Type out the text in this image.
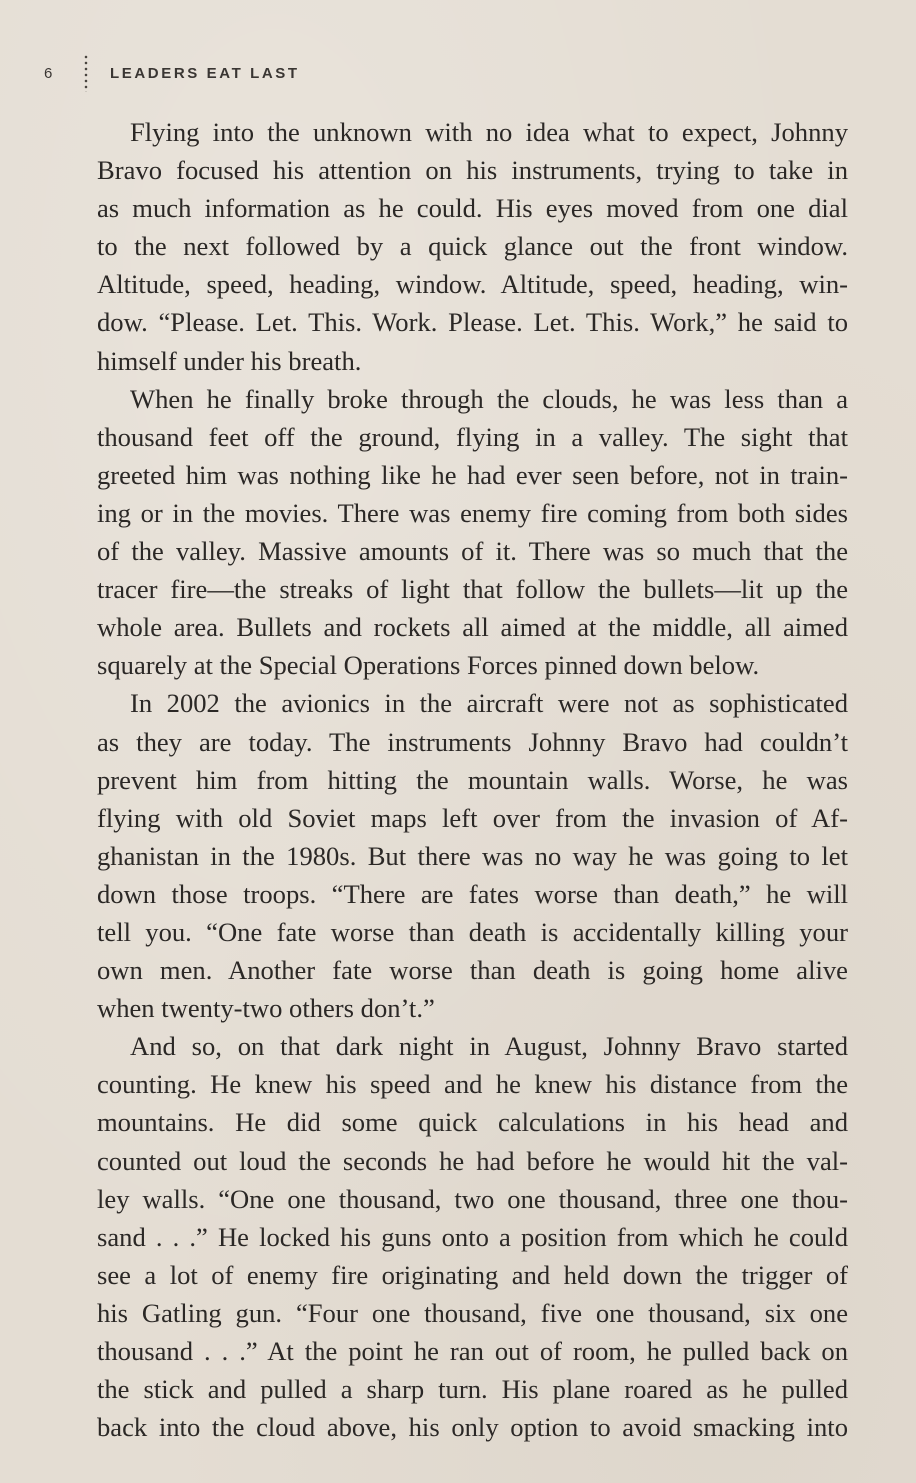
6	LEADERS EAT LAST
Flying into the unknown with no idea what to expect, Johnny
Bravo focused his attention on his instruments, trying to take in
as much information as he could. His eyes moved from one dial
to the next followed by a quick glance out the front window.
Altitude, speed, heading, window. Altitude, speed, heading, win-
dow. “Please. Let. This. Work. Please. Let. This. Work,” he said to
himself under his breath.
When he finally broke through the clouds, he was less than a
thousand feet off the ground, flying in a valley. The sight that
greeted him was nothing like he had ever seen before, not in train-
ing or in the movies. There was enemy fire coming from both sides
of the valley. Massive amounts of it. There was so much that the
tracer fire—the streaks of light that follow the bullets—lit up the
whole area. Bullets and rockets all aimed at the middle, all aimed
squarely at the Special Operations Forces pinned down below.
In 2002 the avionics in the aircraft were not as sophisticated
as they are today. The instruments Johnny Bravo had couldn’t
prevent him from hitting the mountain walls. Worse, he was
flying with old Soviet maps left over from the invasion of Af-
ghanistan in the 1980s. But there was no way he was going to let
down those troops. “There are fates worse than death,” he will
tell you. “One fate worse than death is accidentally killing your
own men. Another fate worse than death is going home alive
when twenty-two others don’t.”
And so, on that dark night in August, Johnny Bravo started
counting. He knew his speed and he knew his distance from the
mountains. He did some quick calculations in his head and
counted out loud the seconds he had before he would hit the val-
ley walls. “One one thousand, two one thousand, three one thou-
sand . . .” He locked his guns onto a position from which he could
see a lot of enemy fire originating and held down the trigger of
his Gatling gun. “Four one thousand, five one thousand, six one
thousand . . .” At the point he ran out of room, he pulled back on
the stick and pulled a sharp turn. His plane roared as he pulled
back into the cloud above, his only option to avoid smacking into
